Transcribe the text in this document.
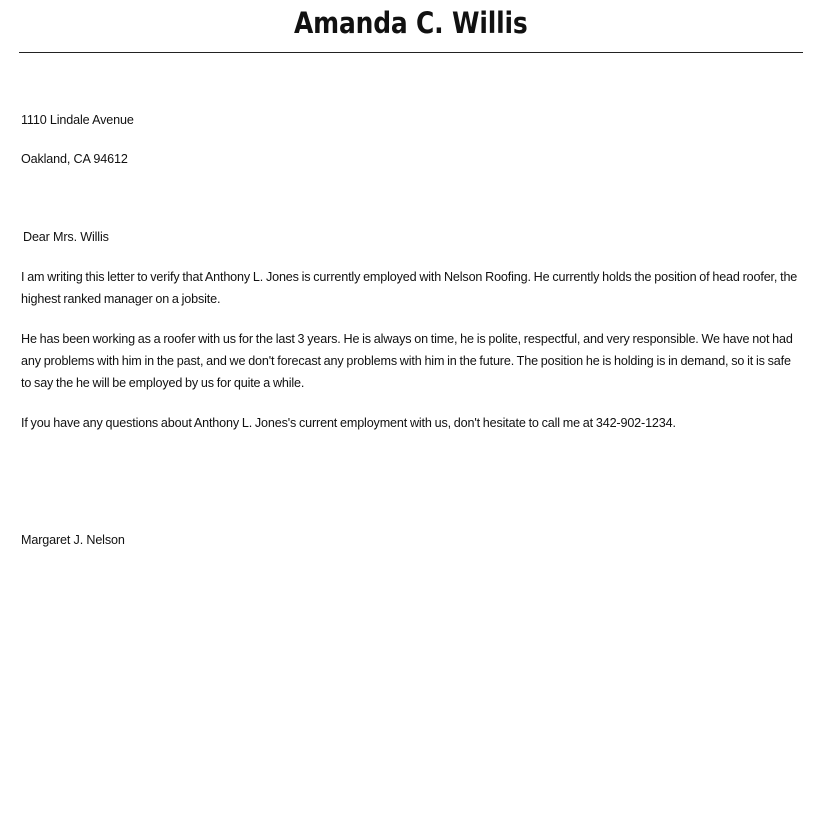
Amanda C. Willis
1110 Lindale Avenue
Oakland, CA 94612
Dear Mrs. Willis
I am writing this letter to verify that Anthony L. Jones is currently employed with Nelson Roofing. He currently holds the position of head roofer, the highest ranked manager on a jobsite.
He has been working as a roofer with us for the last 3 years. He is always on time, he is polite, respectful, and very responsible. We have not had any problems with him in the past, and we don't forecast any problems with him in the future. The position he is holding is in demand, so it is safe to say the he will be employed by us for quite a while.
If you have any questions about Anthony L. Jones's current employment with us, don't hesitate to call me at 342-902-1234.
Margaret J. Nelson
